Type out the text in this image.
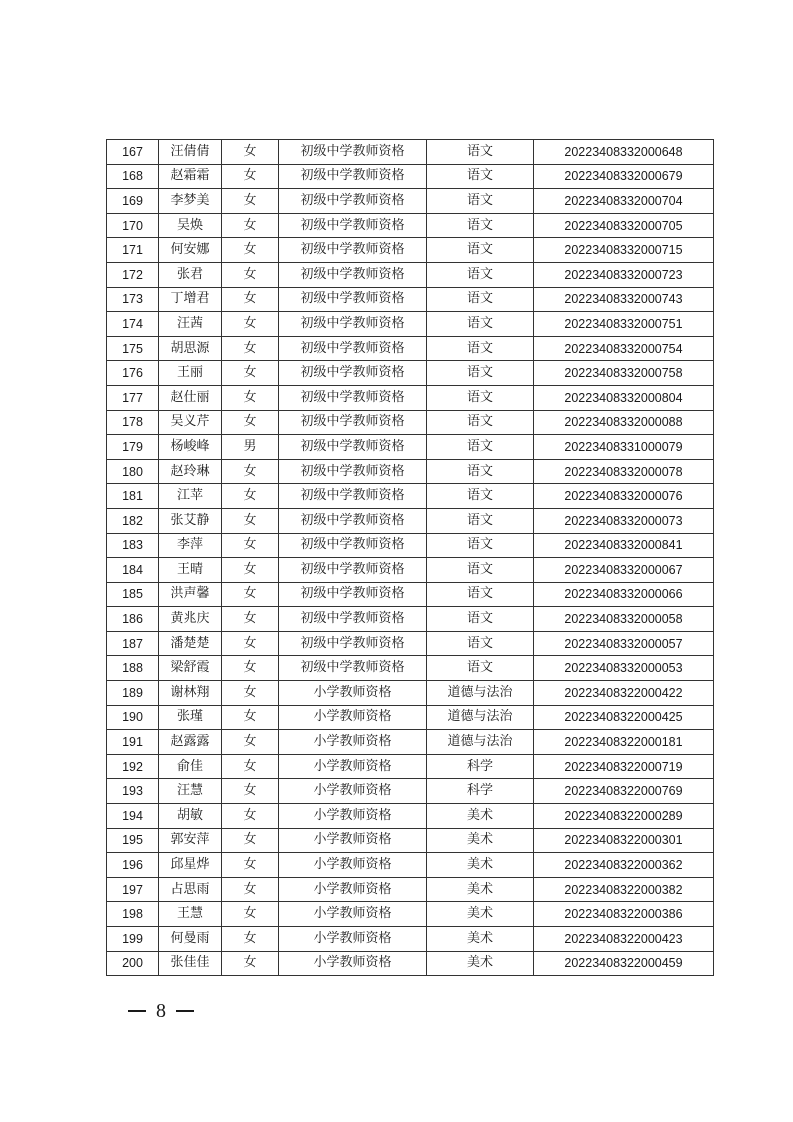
167	汪倩倩	女	初级中学教师资格	语文	20223408332000648
168	赵霜霜	女	初级中学教师资格	语文	20223408332000679
169	李梦美	女	初级中学教师资格	语文	20223408332000704
170	吴焕	女	初级中学教师资格	语文	20223408332000705
171	何安娜	女	初级中学教师资格	语文	20223408332000715
172	张君	女	初级中学教师资格	语文	20223408332000723
173	丁增君	女	初级中学教师资格	语文	20223408332000743
174	汪茜	女	初级中学教师资格	语文	20223408332000751
175	胡思源	女	初级中学教师资格	语文	20223408332000754
176	王丽	女	初级中学教师资格	语文	20223408332000758
177	赵仕丽	女	初级中学教师资格	语文	20223408332000804
178	吴义芹	女	初级中学教师资格	语文	20223408332000088
179	杨峻峰	男	初级中学教师资格	语文	20223408331000079
180	赵玲琳	女	初级中学教师资格	语文	20223408332000078
181	江苹	女	初级中学教师资格	语文	20223408332000076
182	张艾静	女	初级中学教师资格	语文	20223408332000073
183	李萍	女	初级中学教师资格	语文	20223408332000841
184	王晴	女	初级中学教师资格	语文	20223408332000067
185	洪声馨	女	初级中学教师资格	语文	20223408332000066
186	黄兆庆	女	初级中学教师资格	语文	20223408332000058
187	潘楚楚	女	初级中学教师资格	语文	20223408332000057
188	梁舒霞	女	初级中学教师资格	语文	20223408332000053
189	谢林翔	女	小学教师资格	道德与法治	20223408322000422
190	张瑾	女	小学教师资格	道德与法治	20223408322000425
191	赵露露	女	小学教师资格	道德与法治	20223408322000181
192	俞佳	女	小学教师资格	科学	20223408322000719
193	汪慧	女	小学教师资格	科学	20223408322000769
194	胡敏	女	小学教师资格	美术	20223408322000289
195	郭安萍	女	小学教师资格	美术	20223408322000301
196	邱星烨	女	小学教师资格	美术	20223408322000362
197	占思雨	女	小学教师资格	美术	20223408322000382
198	王慧	女	小学教师资格	美术	20223408322000386
199	何曼雨	女	小学教师资格	美术	20223408322000423
200	张佳佳	女	小学教师资格	美术	20223408322000459
8
